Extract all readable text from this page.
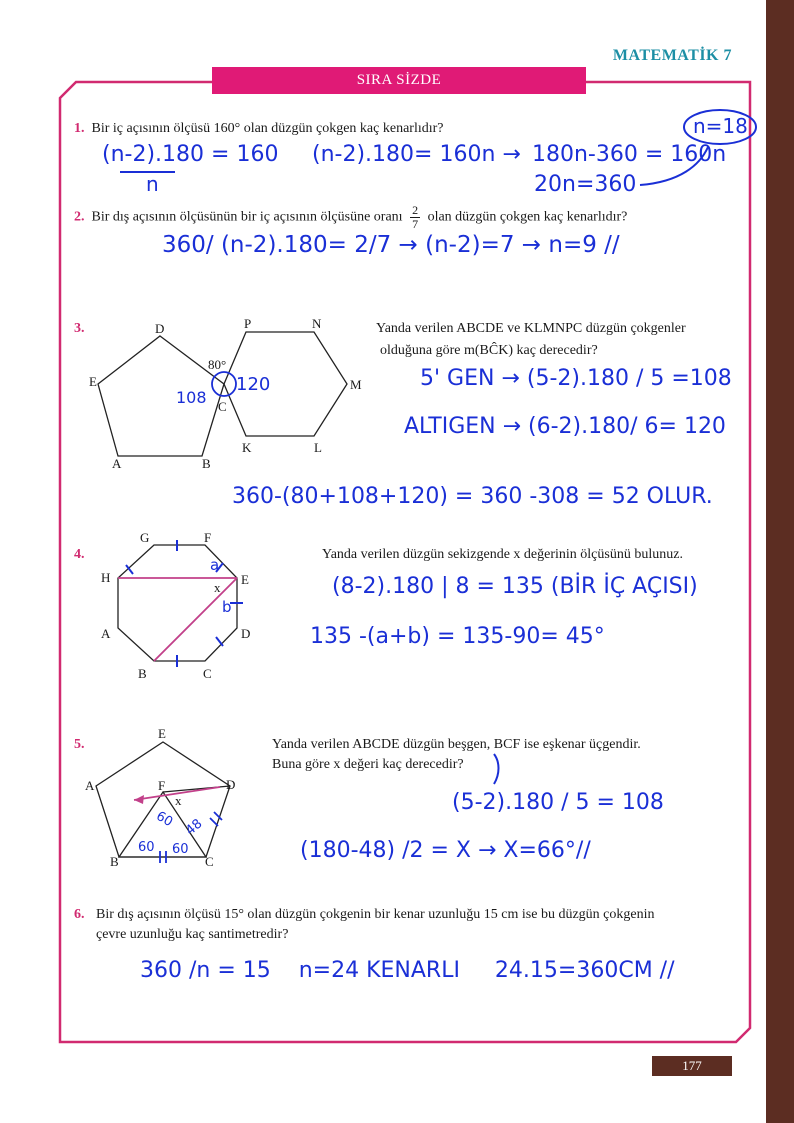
MATEMATİK 7
SIRA SİZDE
1. Bir iç açısının ölçüsü 160° olan düzgün çokgen kaç kenarlıdır?
(n-2).180 = 160
n
(n-2).180= 160n → 180n-360 = 160n
20n=360
n=18
2. Bir dış açısının ölçüsünün bir iç açısının ölçüsüne oranı $\frac{2}{7}$ olan düzgün çokgen kaç kenarlıdır?
360/ (n-2).180= 2/7 → (n-2)=7 → n=9 //
3.	Yanda verilen ABCDE ve KLMNPC düzgün çokgenler
olduğuna göre m(BĈK) kaç derecedir?
D
E
A	B
C
P	N
M
L
K
80°
108
120	5' GEN → (5-2).180 / 5 =108
ALTIGEN → (6-2).180/ 6= 120
360-(80+108+120) = 360 -308 = 52 OLUR.
4.	Yanda verilen düzgün sekizgende x değerinin ölçüsünü bulunuz.
G	F
H	E
A	D
B	C
x
a
b
(8-2).180 | 8 = 135 (BİR İÇ AÇISI)
135 -(a+b) = 135-90= 45°
5.	Yanda verilen ABCDE düzgün beşgen, BCF ise eşkenar üçgendir.
Buna göre x değeri kaç derecedir?
E
A	D
F
B	C
x
60
60 60
48
(5-2).180 / 5 = 108
(180-48) /2 = X → X=66°//
6. Bir dış açısının ölçüsü 15° olan düzgün çokgenin bir kenar uzunluğu 15 cm ise bu düzgün çokgenin
çevre uzunluğu kaç santimetredir?
360 /n = 15    n=24 KENARLI     24.15=360CM //
177
